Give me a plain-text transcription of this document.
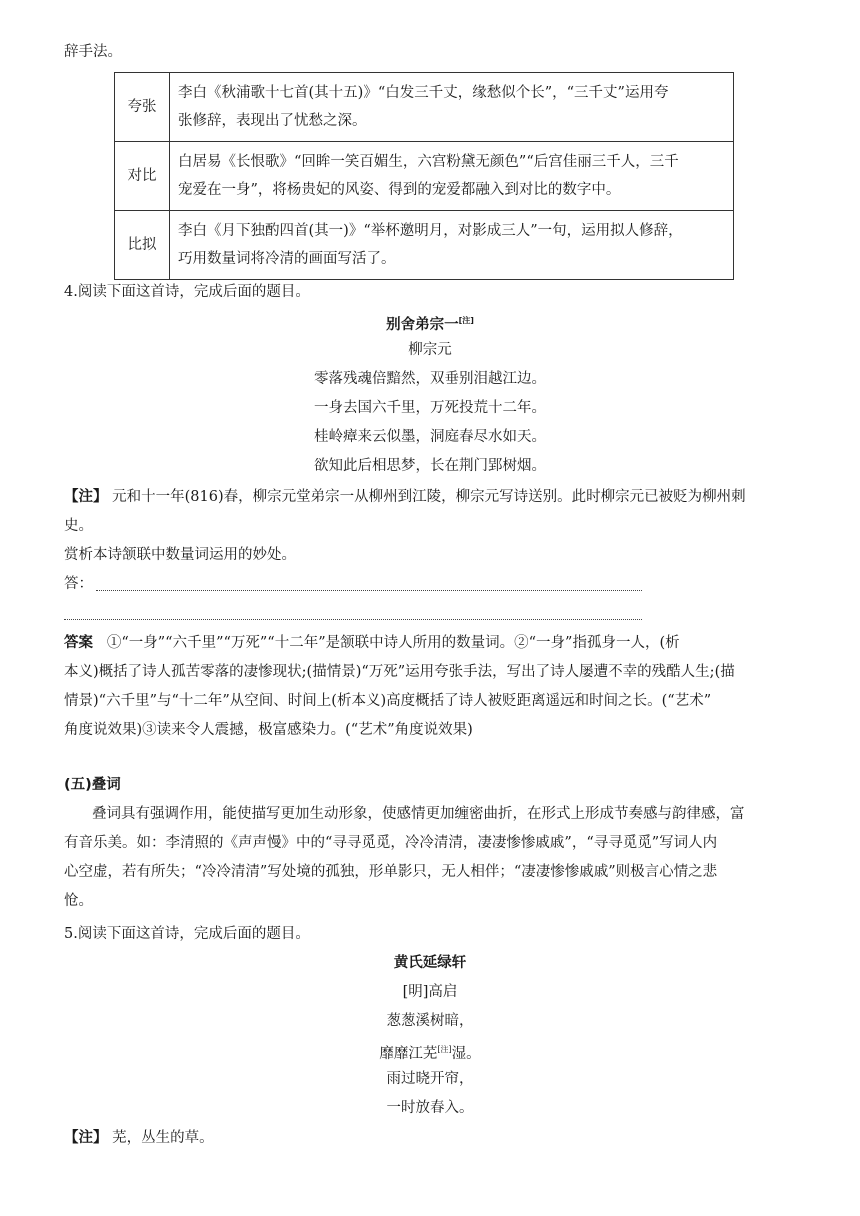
辞手法。
夸张	李白《秋浦歌十七首(其十五)》“白发三千丈，缘愁似个长”，“三千丈”运用夸
张修辞，表现出了忧愁之深。

对比	白居易《长恨歌》“回眸一笑百媚生，六宫粉黛无颜色”“后宫佳丽三千人，三千
宠爱在一身”，将杨贵妃的风姿、得到的宠爱都融入到对比的数字中。

比拟	李白《月下独酌四首(其一)》“举杯邀明月，对影成三人”一句，运用拟人修辞，
巧用数量词将冷清的画面写活了。
4.阅读下面这首诗，完成后面的题目。
别舍弟宗一[注]
柳宗元
零落残魂倍黯然，双垂别泪越江边。
一身去国六千里，万死投荒十二年。
桂岭瘴来云似墨，洞庭春尽水如天。
欲知此后相思梦，长在荆门郢树烟。
【注】 元和十一年(816)春，柳宗元堂弟宗一从柳州到江陵，柳宗元写诗送别。此时柳宗元已被贬为柳州刺
史。
赏析本诗颔联中数量词运用的妙处。
答：
答案 ①“一身”“六千里”“万死”“十二年”是颔联中诗人所用的数量词。②“一身”指孤身一人，(析
本义)概括了诗人孤苦零落的凄惨现状;(描情景)“万死”运用夸张手法，写出了诗人屡遭不幸的残酷人生;(描
情景)“六千里”与“十二年”从空间、时间上(析本义)高度概括了诗人被贬距离遥远和时间之长。(“艺术”
角度说效果)③读来令人震撼，极富感染力。(“艺术”角度说效果)
(五)叠词
叠词具有强调作用，能使描写更加生动形象，使感情更加缠密曲折，在形式上形成节奏感与韵律感，富
有音乐美。如：李清照的《声声慢》中的“寻寻觅觅，冷冷清清，凄凄惨惨戚戚”，“寻寻觅觅”写词人内
心空虚，若有所失；“冷冷清清”写处境的孤独，形单影只，无人相伴；“凄凄惨惨戚戚”则极言心情之悲
怆。
5.阅读下面这首诗，完成后面的题目。
黄氏延绿轩
[明]高启
葱葱溪树暗，
靡靡江芜[注]湿。
雨过晓开帘，
一时放春入。
【注】 芜，丛生的草。
